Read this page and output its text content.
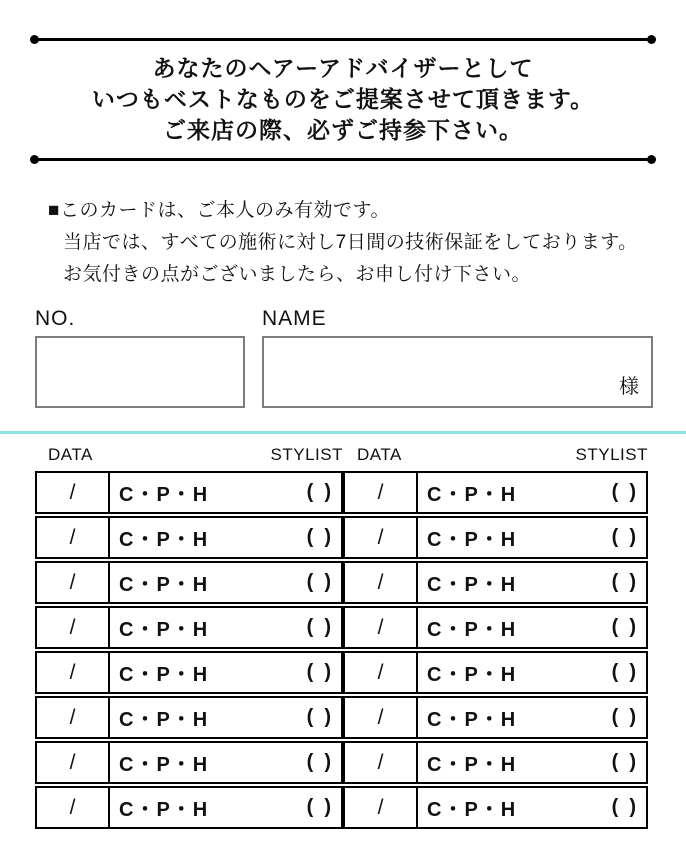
あなたのヘアーアドバイザーとして
いつもベストなものをご提案させて頂きます。
ご来店の際、必ずご持参下さい。
■このカードは、ご本人のみ有効です。
当店では、すべての施術に対し7日間の技術保証をしております。
お気付きの点がございましたら、お申し付け下さい。
NO.	NAME
様
DATA	STYLIST DATA	STYLIST
/	C・P・H	(  )	/	C・P・H	(  )
/	C・P・H	(  )	/	C・P・H	(  )
/	C・P・H	(  )	/	C・P・H	(  )
/	C・P・H	(  )	/	C・P・H	(  )
/	C・P・H	(  )	/	C・P・H	(  )
/	C・P・H	(  )	/	C・P・H	(  )
/	C・P・H	(  )	/	C・P・H	(  )
/	C・P・H	(  )	/	C・P・H	(  )
